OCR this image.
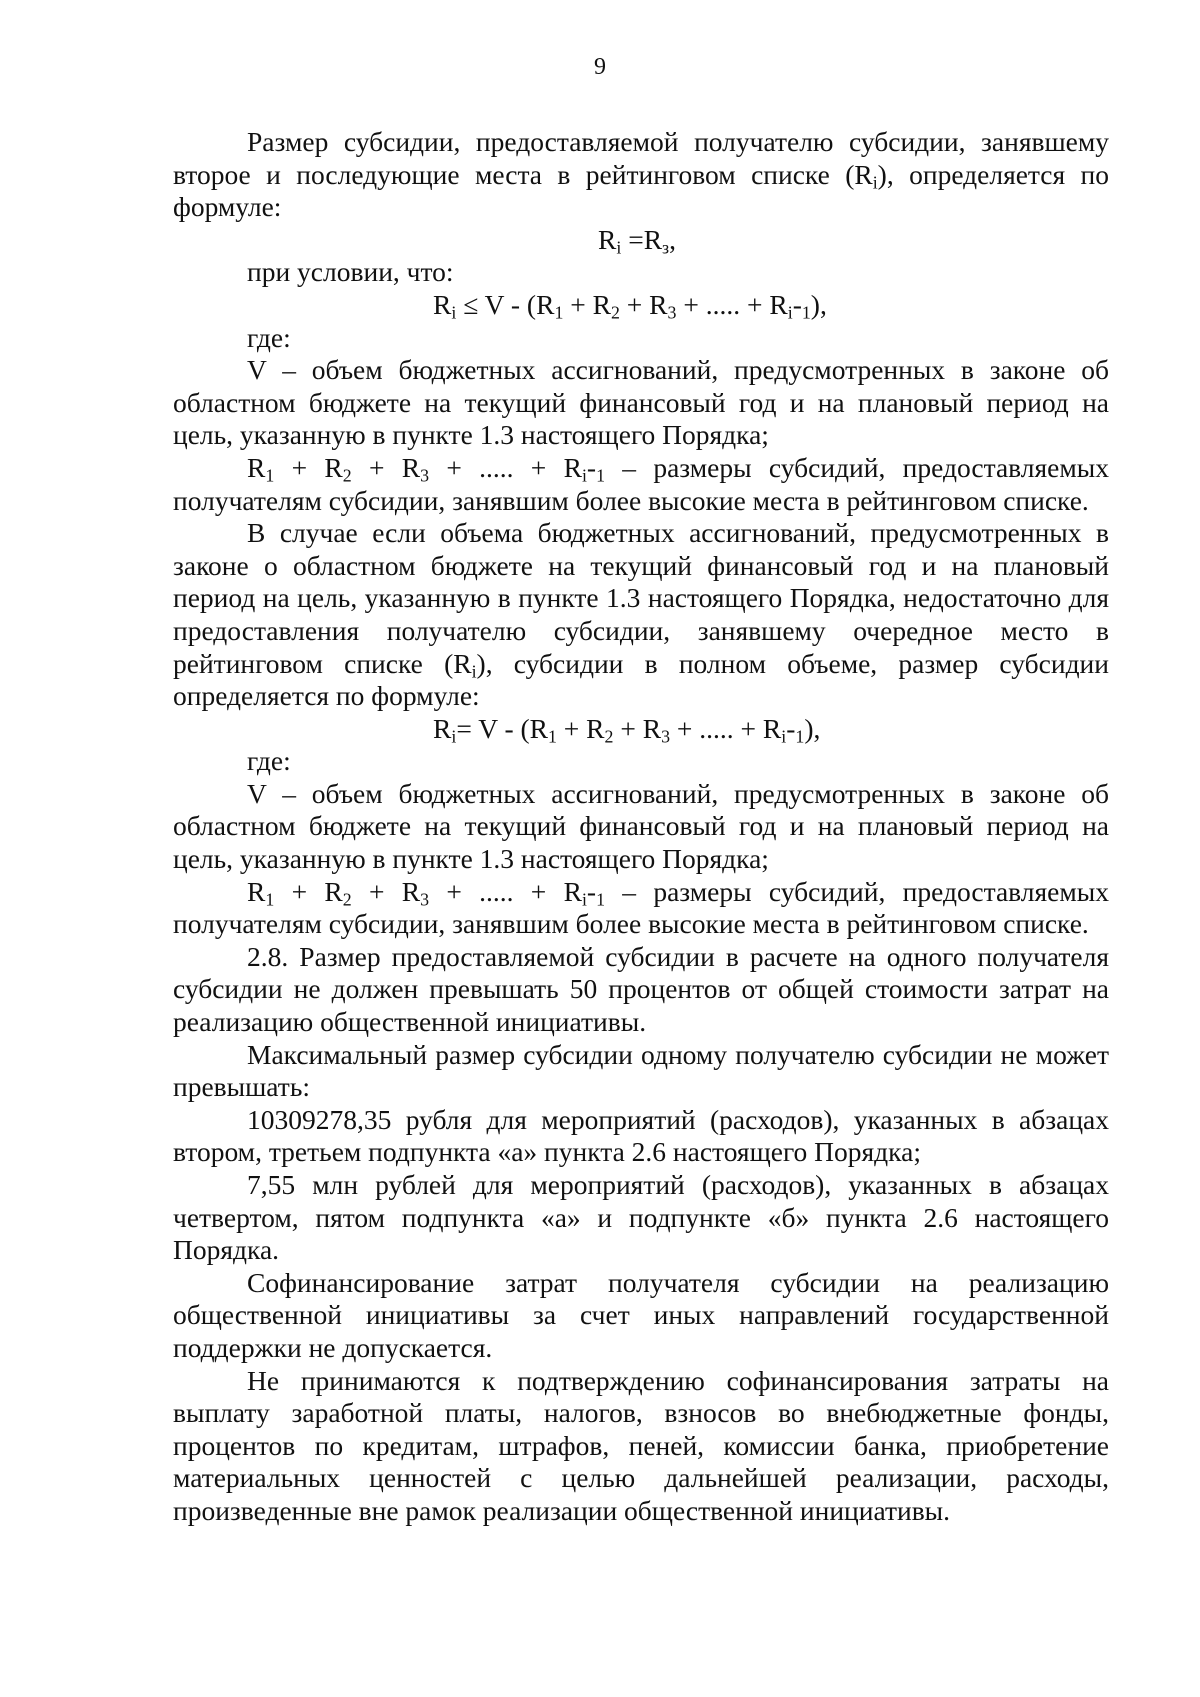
9

Размер субсидии, предоставляемой получателю субсидии, занявшему второе и последующие места в рейтинговом списке $(R_i)$, определяется по формуле:

$R_i =R_з$,

при условии, что:

$R_i \le V - (R_1 + R_2 + R_3$ + ..... + $R_i-_1$),

где:

V – объем бюджетных ассигнований, предусмотренных в законе об областном бюджете на текущий финансовый год и на плановый период на цель, указанную в пункте 1.3 настоящего Порядка;

$R_1 + R_2 + R_3$ + ..... + $R_i-_1$ – размеры субсидий, предоставляемых получателям субсидии, занявшим более высокие места в рейтинговом списке.

В случае если объема бюджетных ассигнований, предусмотренных в законе о областном бюджете на текущий финансовый год и на плановый период на цель, указанную в пункте 1.3 настоящего Порядка, недостаточно для предоставления получателю субсидии, занявшему очередное место в рейтинговом списке $(R_i)$, субсидии в полном объеме, размер субсидии определяется по формуле:

$R_i= V - (R_1 + R_2 + R_3$ + ..... + $R_i-_1$),

где:

V – объем бюджетных ассигнований, предусмотренных в законе об областном бюджете на текущий финансовый год и на плановый период на цель, указанную в пункте 1.3 настоящего Порядка;

$R_1 + R_2 + R_3$ + ..... + $R_i-_1$ – размеры субсидий, предоставляемых получателям субсидии, занявшим более высокие места в рейтинговом списке.

2.8. Размер предоставляемой субсидии в расчете на одного получателя субсидии не должен превышать 50 процентов от общей стоимости затрат на реализацию общественной инициативы.

Максимальный размер субсидии одному получателю субсидии не может превышать:

10309278,35 рубля для мероприятий (расходов), указанных в абзацах втором, третьем подпункта «а» пункта 2.6 настоящего Порядка;

7,55 млн рублей для мероприятий (расходов), указанных в абзацах четвертом, пятом подпункта «а» и подпункте «б» пункта 2.6 настоящего Порядка.

Софинансирование затрат получателя субсидии на реализацию общественной инициативы за счет иных направлений государственной поддержки не допускается.

Не принимаются к подтверждению софинансирования затраты на выплату заработной платы, налогов, взносов во внебюджетные фонды, процентов по кредитам, штрафов, пеней, комиссии банка, приобретение материальных ценностей с целью дальнейшей реализации, расходы, произведенные вне рамок реализации общественной инициативы.
